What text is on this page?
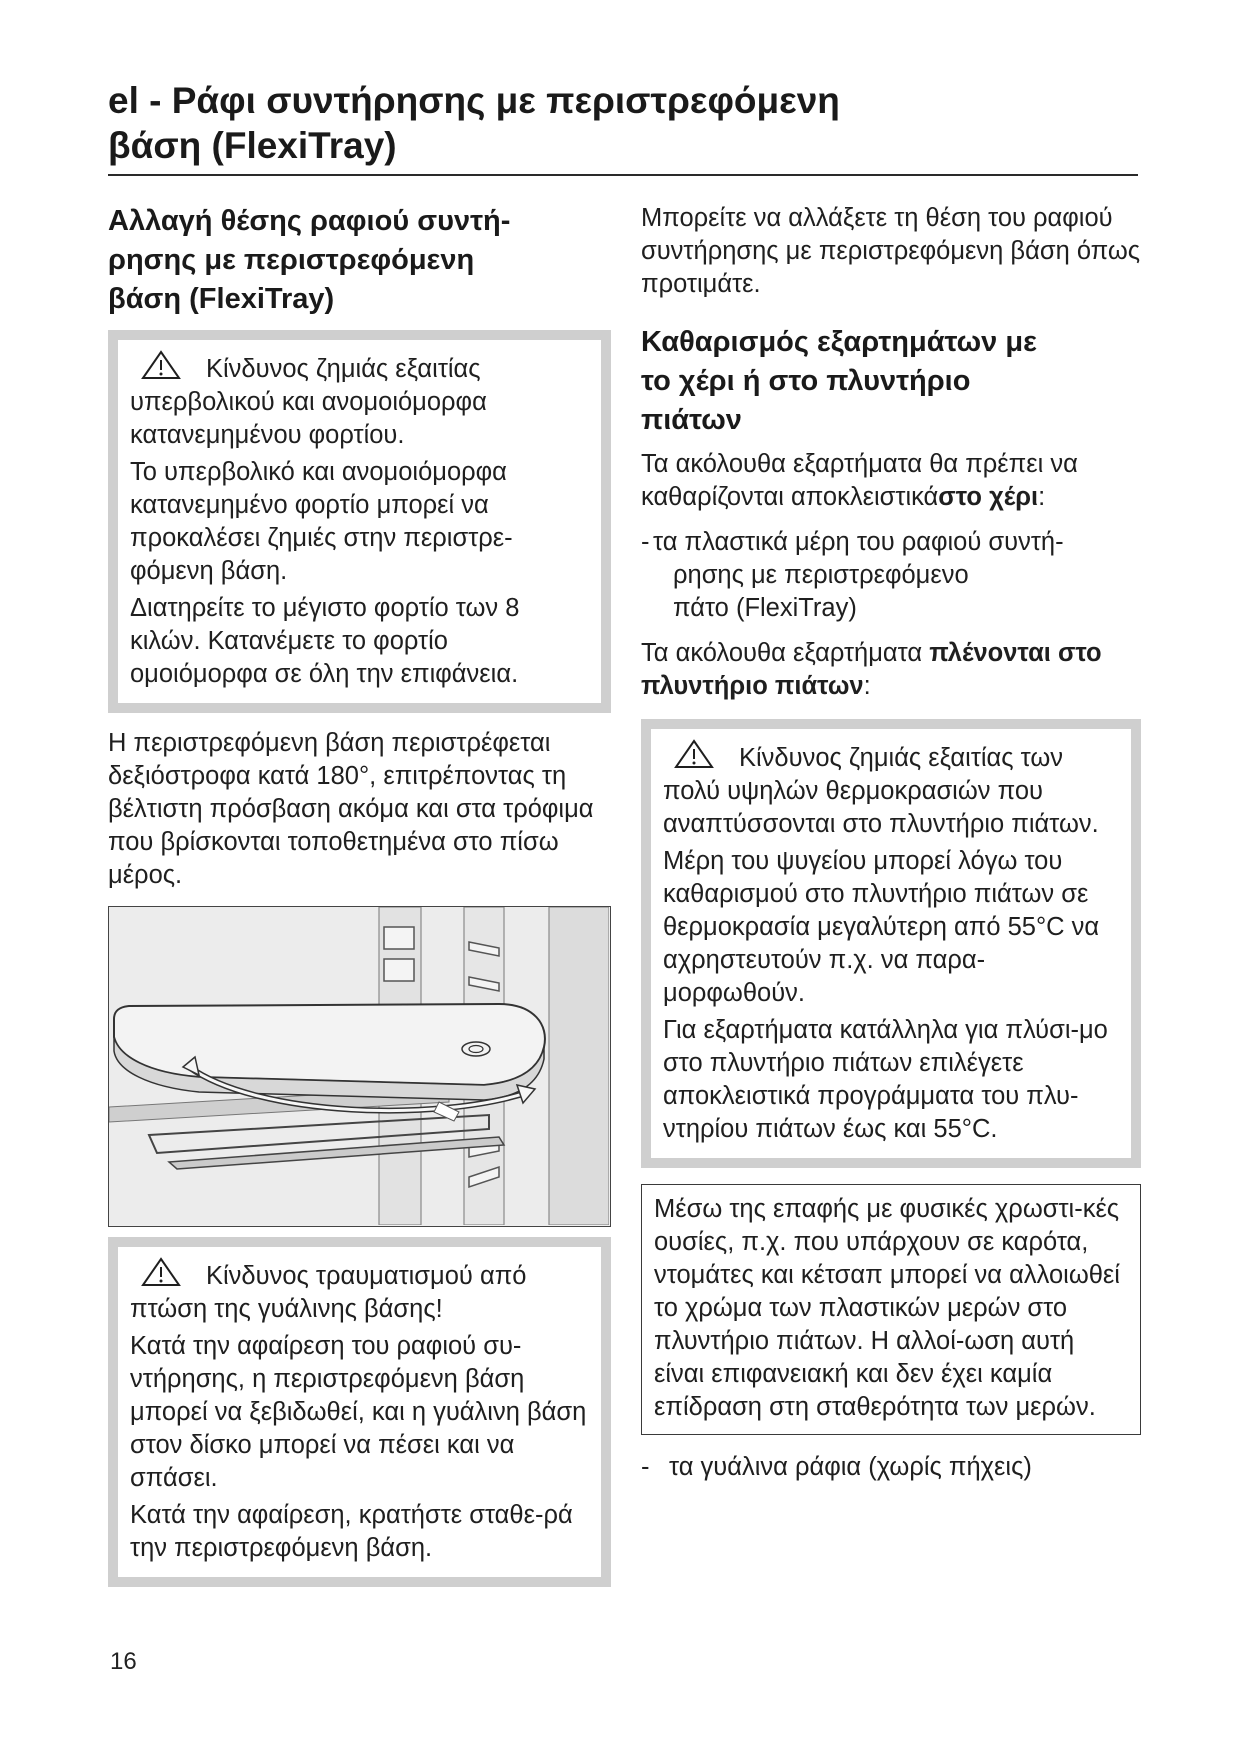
el - Ράφι συντήρησης με περιστρεφόμενη
βάση (FlexiTray)
Αλλαγή θέσης ραφιού συντή-
ρησης με περιστρεφόμενη
βάση (FlexiTray)

Κίνδυνος ζημιάς εξαιτίας υπερβολικού και ανομοιόμορφα κατανεμημένου φορτίου.

Το υπερβολικό και ανομοιόμορφα κατανεμημένο φορτίο μπορεί να προκαλέσει ζημιές στην περιστρε-φόμενη βάση.

Διατηρείτε το μέγιστο φορτίο των 8 κιλών. Κατανέμετε το φορτίο ομοιόμορφα σε όλη την επιφάνεια.

Η περιστρεφόμενη βάση περιστρέφεται δεξιόστροφα κατά 180°, επιτρέποντας τη βέλτιστη πρόσβαση ακόμα και στα τρόφιμα που βρίσκονται τοποθετημένα στο πίσω μέρος.

Κίνδυνος τραυματισμού από πτώση της γυάλινης βάσης!

Κατά την αφαίρεση του ραφιού συ-ντήρησης, η περιστρεφόμενη βάση μπορεί να ξεβιδωθεί, και η γυάλινη βάση στον δίσκο μπορεί να πέσει και να σπάσει.

Κατά την αφαίρεση, κρατήστε σταθε-ρά την περιστρεφόμενη βάση.

Μπορείτε να αλλάξετε τη θέση του ραφιού συντήρησης με περιστρεφόμενη βάση όπως προτιμάτε.

Καθαρισμός εξαρτημάτων με
το χέρι ή στο πλυντήριο
πιάτων

Τα ακόλουθα εξαρτήματα θα πρέπει να καθαρίζονται αποκλειστικάστο χέρι:

- τα πλαστικά μέρη του ραφιού συντή-
ρησης με περιστρεφόμενο
πάτο (FlexiTray)

Τα ακόλουθα εξαρτήματα πλένονται στο πλυντήριο πιάτων:

Κίνδυνος ζημιάς εξαιτίας των πολύ υψηλών θερμοκρασιών που αναπτύσσονται στο πλυντήριο πιάτων.

Μέρη του ψυγείου μπορεί λόγω του καθαρισμού στο πλυντήριο πιάτων σε θερμοκρασία μεγαλύτερη από 55°C να αχρηστευτούν π.χ. να παρα-μορφωθούν.

Για εξαρτήματα κατάλληλα για πλύσι-μο στο πλυντήριο πιάτων επιλέγετε αποκλειστικά προγράμματα του πλυ-ντηρίου πιάτων έως και 55°C.

Μέσω της επαφής με φυσικές χρωστι-κές ουσίες, π.χ. που υπάρχουν σε καρότα, ντομάτες και κέτσαπ μπορεί να αλλοιωθεί το χρώμα των πλαστικών μερών στο πλυντήριο πιάτων. Η αλλοί-ωση αυτή είναι επιφανειακή και δεν έχει καμία επίδραση στη σταθερότητα των μερών.

- τα γυάλινα ράφια (χωρίς πήχεις)
16
